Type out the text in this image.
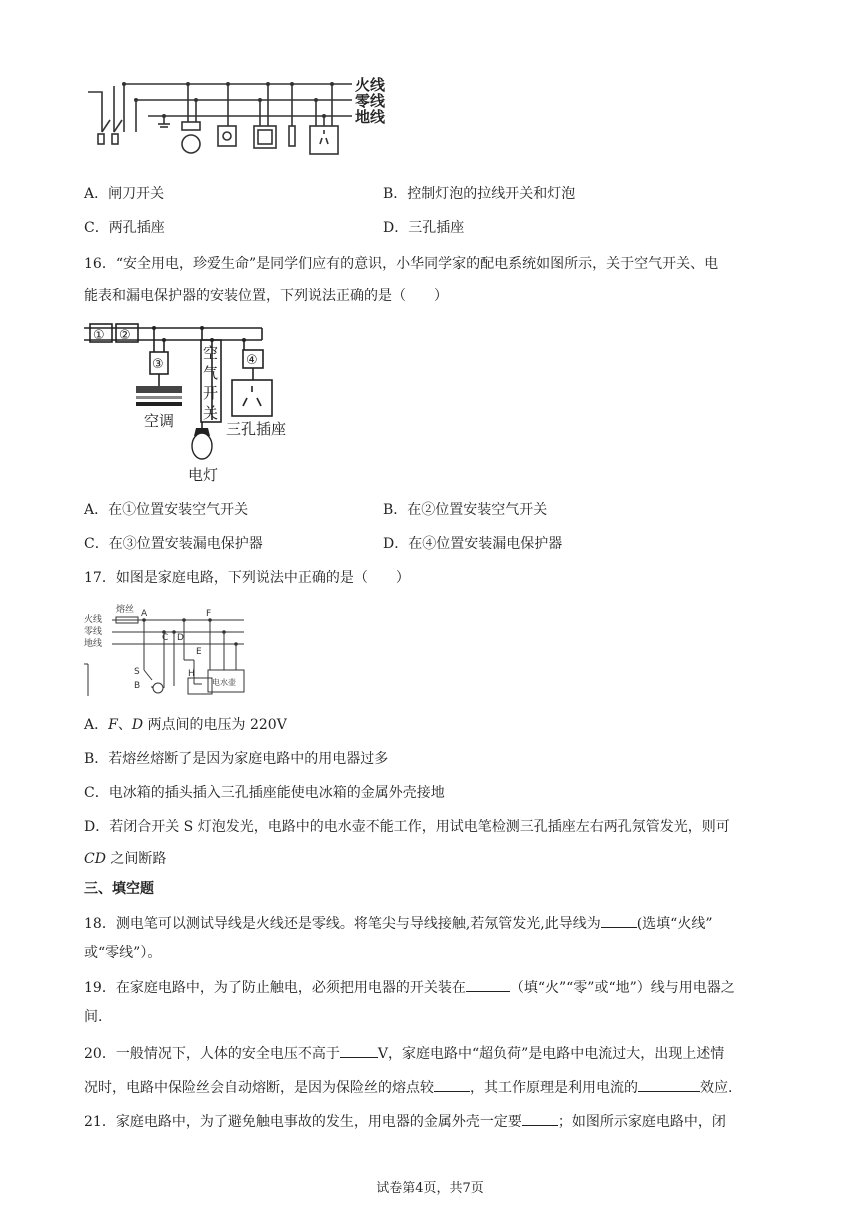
火线
零线
地线
A．闸刀开关	B．控制灯泡的拉线开关和灯泡
C．两孔插座	D．三孔插座
16．“安全用电，珍爱生命”是同学们应有的意识，小华同学家的配电系统如图所示，关于空气开关、电
能表和漏电保护器的安装位置，下列说法正确的是（　　）
① ②
③	④
空
气
开
关
空调
电灯
三孔插座
A．在①位置安装空气开关	B．在②位置安装空气开关
C．在③位置安装漏电保护器	D．在④位置安装漏电保护器
17．如图是家庭电路，下列说法中正确的是（　　）
火线
零线
地线
熔丝 A	F
C D
E
S
B
H
电水壶
A．F、D 两点间的电压为 220V
B．若熔丝熔断了是因为家庭电路中的用电器过多
C．电冰箱的插头插入三孔插座能使电冰箱的金属外壳接地
D．若闭合开关 S 灯泡发光，电路中的电水壶不能工作，用试电笔检测三孔插座左右两孔氖管发光，则可
CD 之间断路
三、填空题
18．测电笔可以测试导线是火线还是零线。将笔尖与导线接触,若氖管发光,此导线为	(选填“火线”
或“零线”）。
19．在家庭电路中，为了防止触电，必须把用电器的开关装在	（填“火”“零”或“地”）线与用电器之
间.
20．一般情况下，人体的安全电压不高于	V，家庭电路中“超负荷”是电路中电流过大，出现上述情
况时，电路中保险丝会自动熔断，是因为保险丝的熔点较	，其工作原理是利用电流的	效应.
21．家庭电路中，为了避免触电事故的发生，用电器的金属外壳一定要	；如图所示家庭电路中，闭
试卷第4页，共7页
